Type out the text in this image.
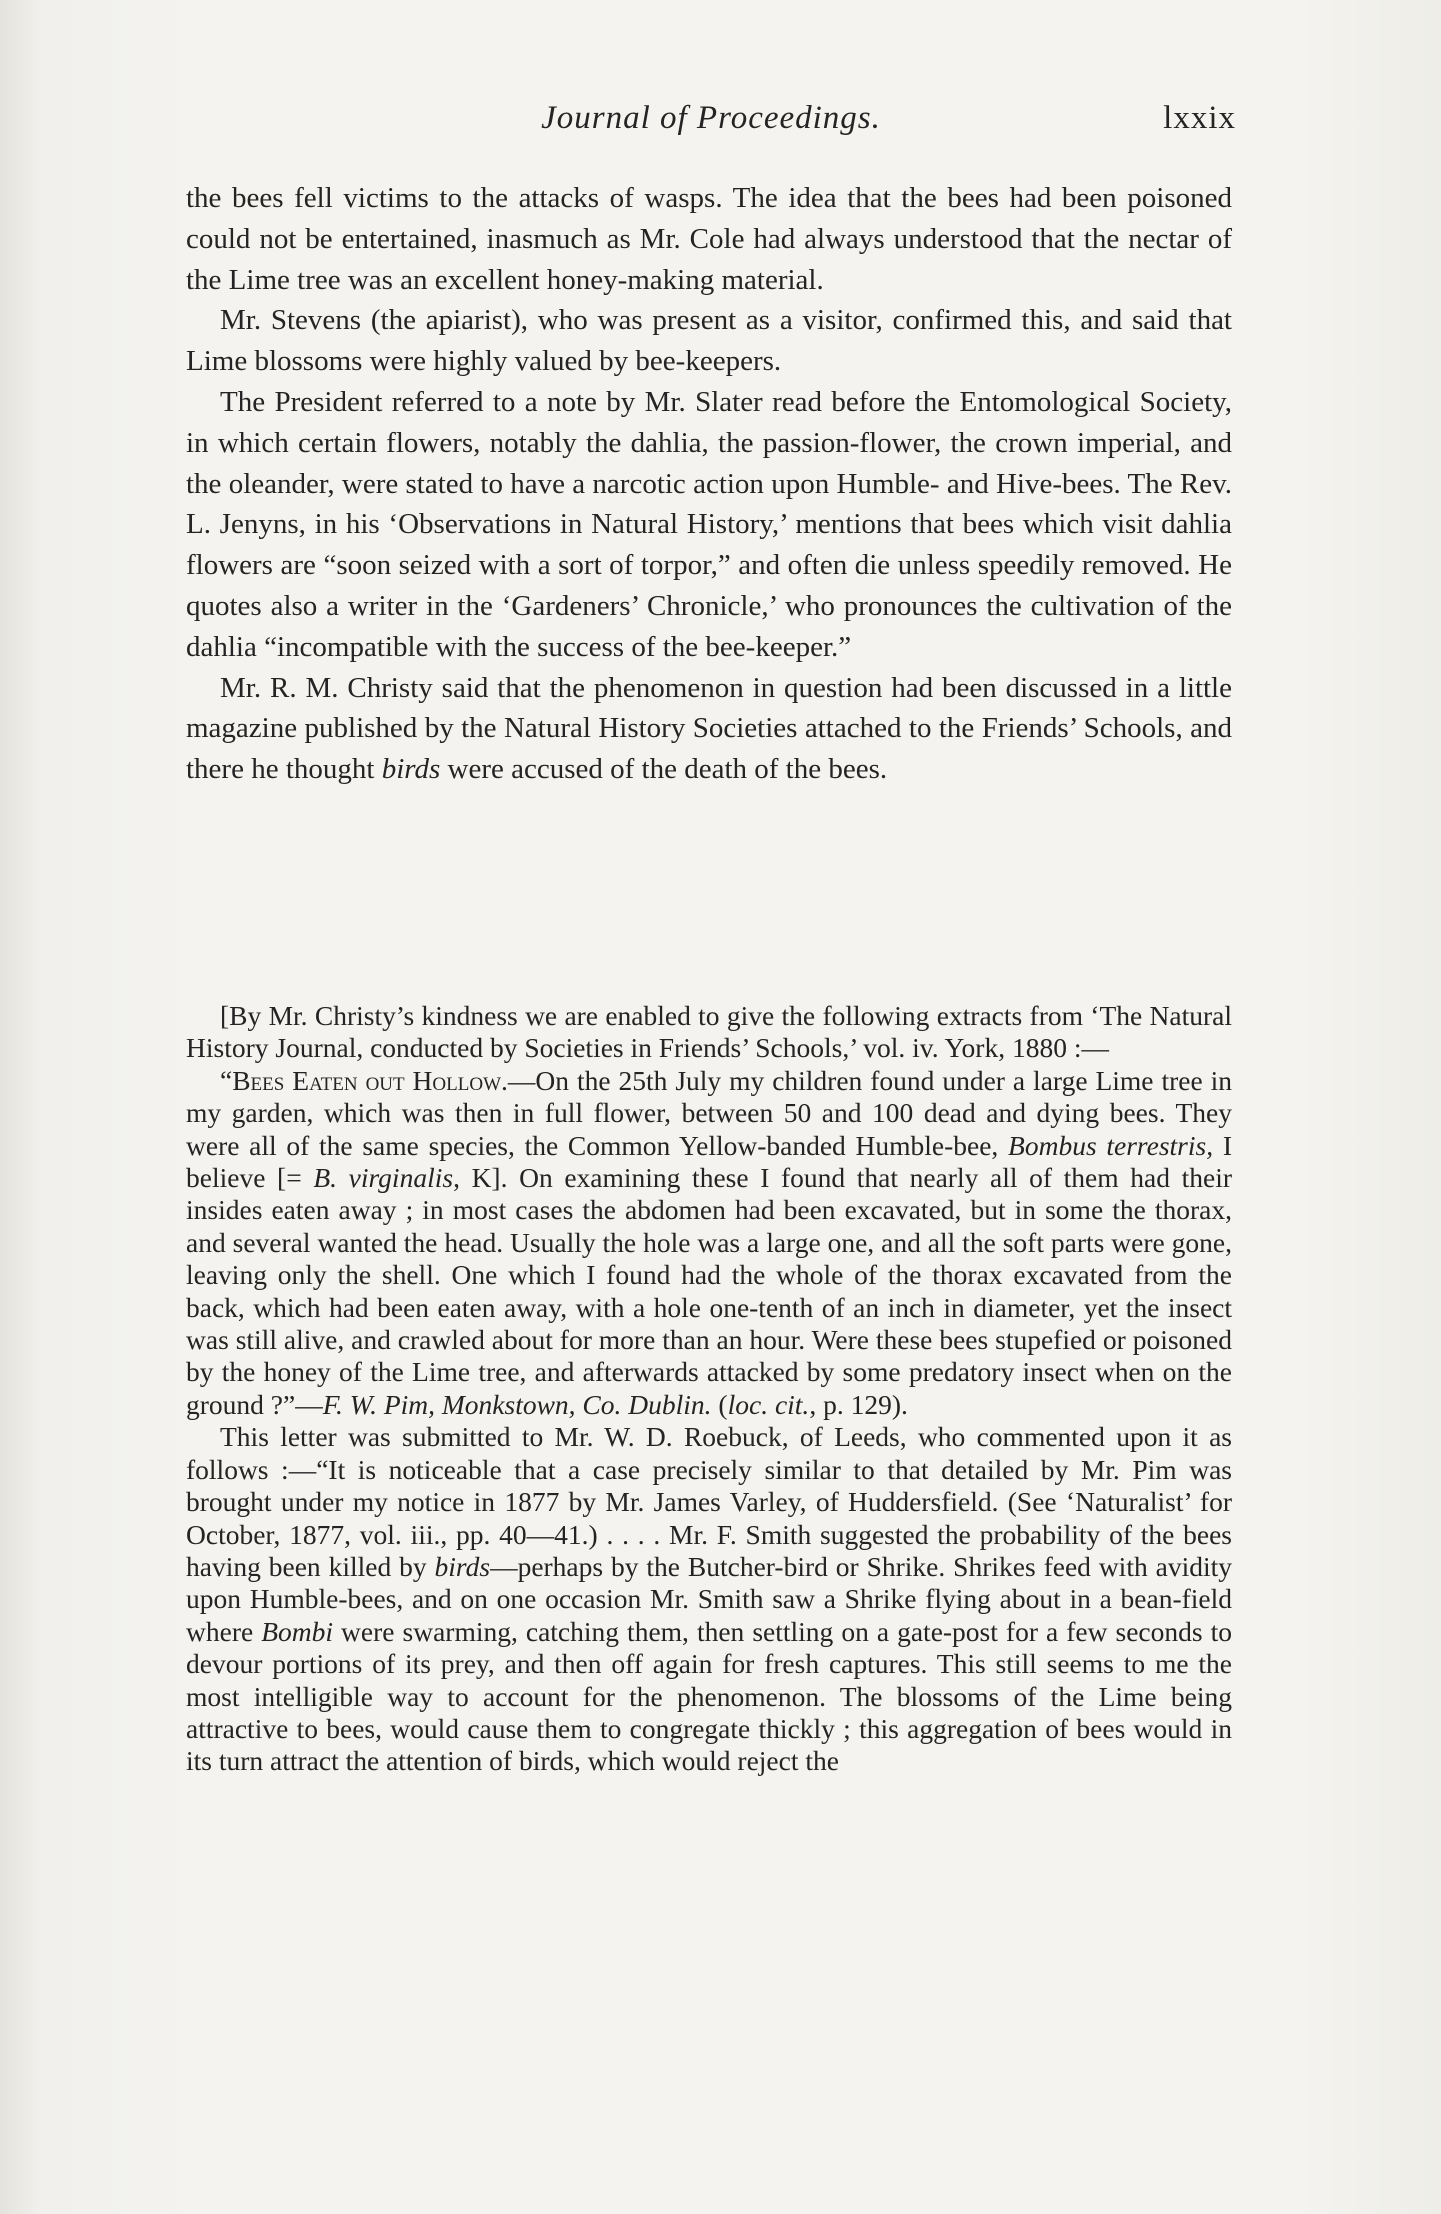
Journal of Proceedings.	lxxix

the bees fell victims to the attacks of wasps. The idea that the bees had been poisoned could not be entertained, inasmuch as Mr. Cole had always understood that the nectar of the Lime tree was an excellent honey-making material.

Mr. Stevens (the apiarist), who was present as a visitor, confirmed this, and said that Lime blossoms were highly valued by bee-keepers.

The President referred to a note by Mr. Slater read before the Entomological Society, in which certain flowers, notably the dahlia, the passion-flower, the crown imperial, and the oleander, were stated to have a narcotic action upon Humble- and Hive-bees. The Rev. L. Jenyns, in his ‘Observations in Natural History,’ mentions that bees which visit dahlia flowers are “soon seized with a sort of torpor,” and often die unless speedily removed. He quotes also a writer in the ‘Gardeners’ Chronicle,’ who pronounces the cultivation of the dahlia “incompatible with the success of the bee-keeper.”

Mr. R. M. Christy said that the phenomenon in question had been discussed in a little magazine published by the Natural History Societies attached to the Friends’ Schools, and there he thought birds were accused of the death of the bees.

[By Mr. Christy’s kindness we are enabled to give the following extracts from ‘The Natural History Journal, conducted by Societies in Friends’ Schools,’ vol. iv. York, 1880 :—

“Bees Eaten out Hollow.—On the 25th July my children found under a large Lime tree in my garden, which was then in full flower, between 50 and 100 dead and dying bees. They were all of the same species, the Common Yellow-banded Humble-bee, Bombus terrestris, I believe [= B. virginalis, K]. On examining these I found that nearly all of them had their insides eaten away ; in most cases the abdomen had been excavated, but in some the thorax, and several wanted the head. Usually the hole was a large one, and all the soft parts were gone, leaving only the shell. One which I found had the whole of the thorax excavated from the back, which had been eaten away, with a hole one-tenth of an inch in diameter, yet the insect was still alive, and crawled about for more than an hour. Were these bees stupefied or poisoned by the honey of the Lime tree, and afterwards attacked by some predatory insect when on the ground ?”—F. W. Pim, Monkstown, Co. Dublin. (loc. cit., p. 129).

This letter was submitted to Mr. W. D. Roebuck, of Leeds, who commented upon it as follows :—“It is noticeable that a case precisely similar to that detailed by Mr. Pim was brought under my notice in 1877 by Mr. James Varley, of Huddersfield. (See ‘Naturalist’ for October, 1877, vol. iii., pp. 40—41.) . . . . Mr. F. Smith suggested the probability of the bees having been killed by birds—perhaps by the Butcher-bird or Shrike. Shrikes feed with avidity upon Humble-bees, and on one occasion Mr. Smith saw a Shrike flying about in a bean-field where Bombi were swarming, catching them, then settling on a gate-post for a few seconds to devour portions of its prey, and then off again for fresh captures. This still seems to me the most intelligible way to account for the phenomenon. The blossoms of the Lime being attractive to bees, would cause them to congregate thickly ; this aggregation of bees would in its turn attract the attention of birds, which would reject the
